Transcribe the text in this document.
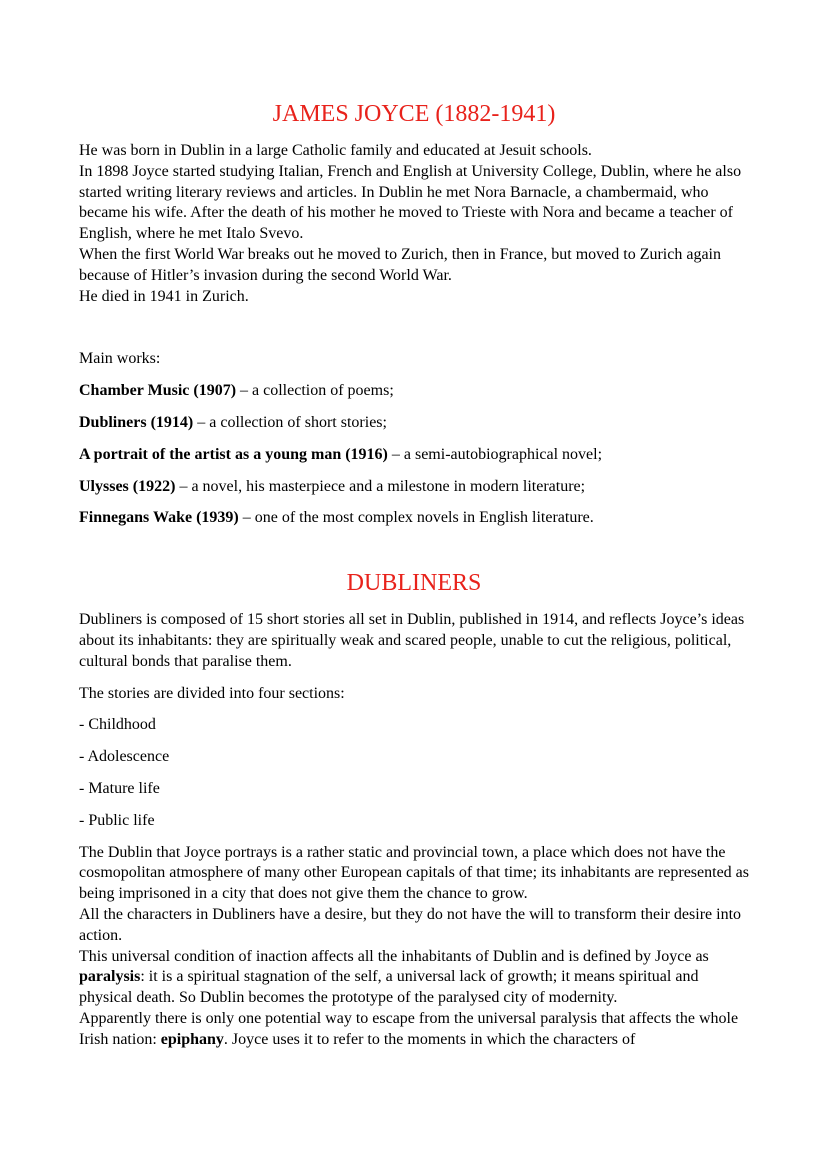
JAMES JOYCE (1882-1941)

He was born in Dublin in a large Catholic family and educated at Jesuit schools.

In 1898 Joyce started studying Italian, French and English at University College, Dublin, where he also started writing literary reviews and articles. In Dublin he met Nora Barnacle, a chambermaid, who became his wife. After the death of his mother he moved to Trieste with Nora and became a teacher of English, where he met Italo Svevo.

When the first World War breaks out he moved to Zurich, then in France, but moved to Zurich again because of Hitler’s invasion during the second World War.

He died in 1941 in Zurich.

Main works:

Chamber Music (1907) – a collection of poems;

Dubliners (1914) – a collection of short stories;

A portrait of the artist as a young man (1916) – a semi-autobiographical novel;

Ulysses (1922) – a novel, his masterpiece and a milestone in modern literature;

Finnegans Wake (1939) – one of the most complex novels in English literature.

DUBLINERS

Dubliners is composed of 15 short stories all set in Dublin, published in 1914, and reflects Joyce’s ideas about its inhabitants: they are spiritually weak and scared people, unable to cut the religious, political, cultural bonds that paralise them.

The stories are divided into four sections:

- Childhood

- Adolescence

- Mature life

- Public life

The Dublin that Joyce portrays is a rather static and provincial town, a place which does not have the cosmopolitan atmosphere of many other European capitals of that time; its inhabitants are represented as being imprisoned in a city that does not give them the chance to grow.

All the characters in Dubliners have a desire, but they do not have the will to transform their desire into action.

This universal condition of inaction affects all the inhabitants of Dublin and is defined by Joyce as paralysis: it is a spiritual stagnation of the self, a universal lack of growth; it means spiritual and physical death. So Dublin becomes the prototype of the paralysed city of modernity.

Apparently there is only one potential way to escape from the universal paralysis that affects the whole Irish nation: epiphany. Joyce uses it to refer to the moments in which the characters of
